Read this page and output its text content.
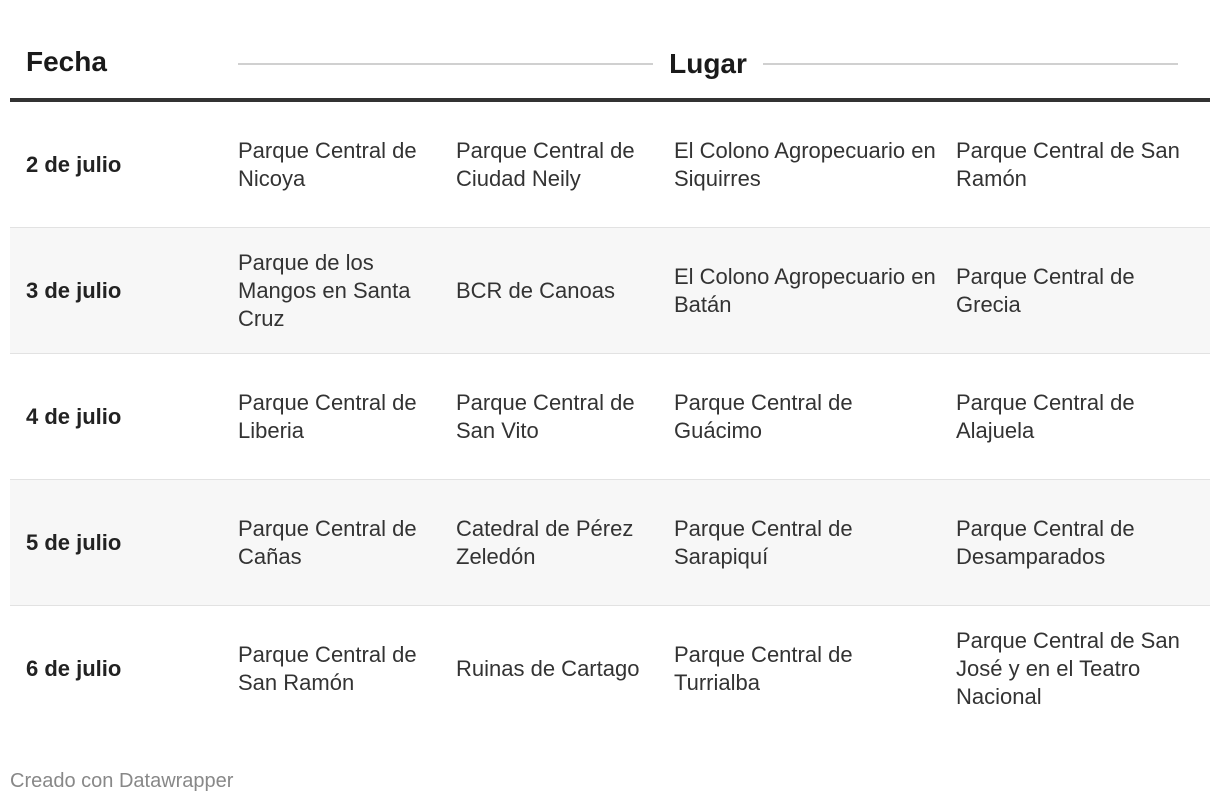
Fecha	Lugar
2 de julio
Parque Central de Nicoya
Parque Central de Ciudad Neily
El Colono Agropecuario en Siquirres
Parque Central de San Ramón
3 de julio
Parque de los Mangos en Santa Cruz
BCR de Canoas
El Colono Agropecuario en Batán
Parque Central de Grecia
4 de julio
Parque Central de Liberia
Parque Central de San Vito
Parque Central de Guácimo
Parque Central de Alajuela
5 de julio
Parque Central de Cañas
Catedral de Pérez Zeledón
Parque Central de Sarapiquí
Parque Central de Desamparados
6 de julio
Parque Central de San Ramón
Ruinas de Cartago
Parque Central de Turrialba
Parque Central de San José y en el Teatro Nacional
Creado con Datawrapper
